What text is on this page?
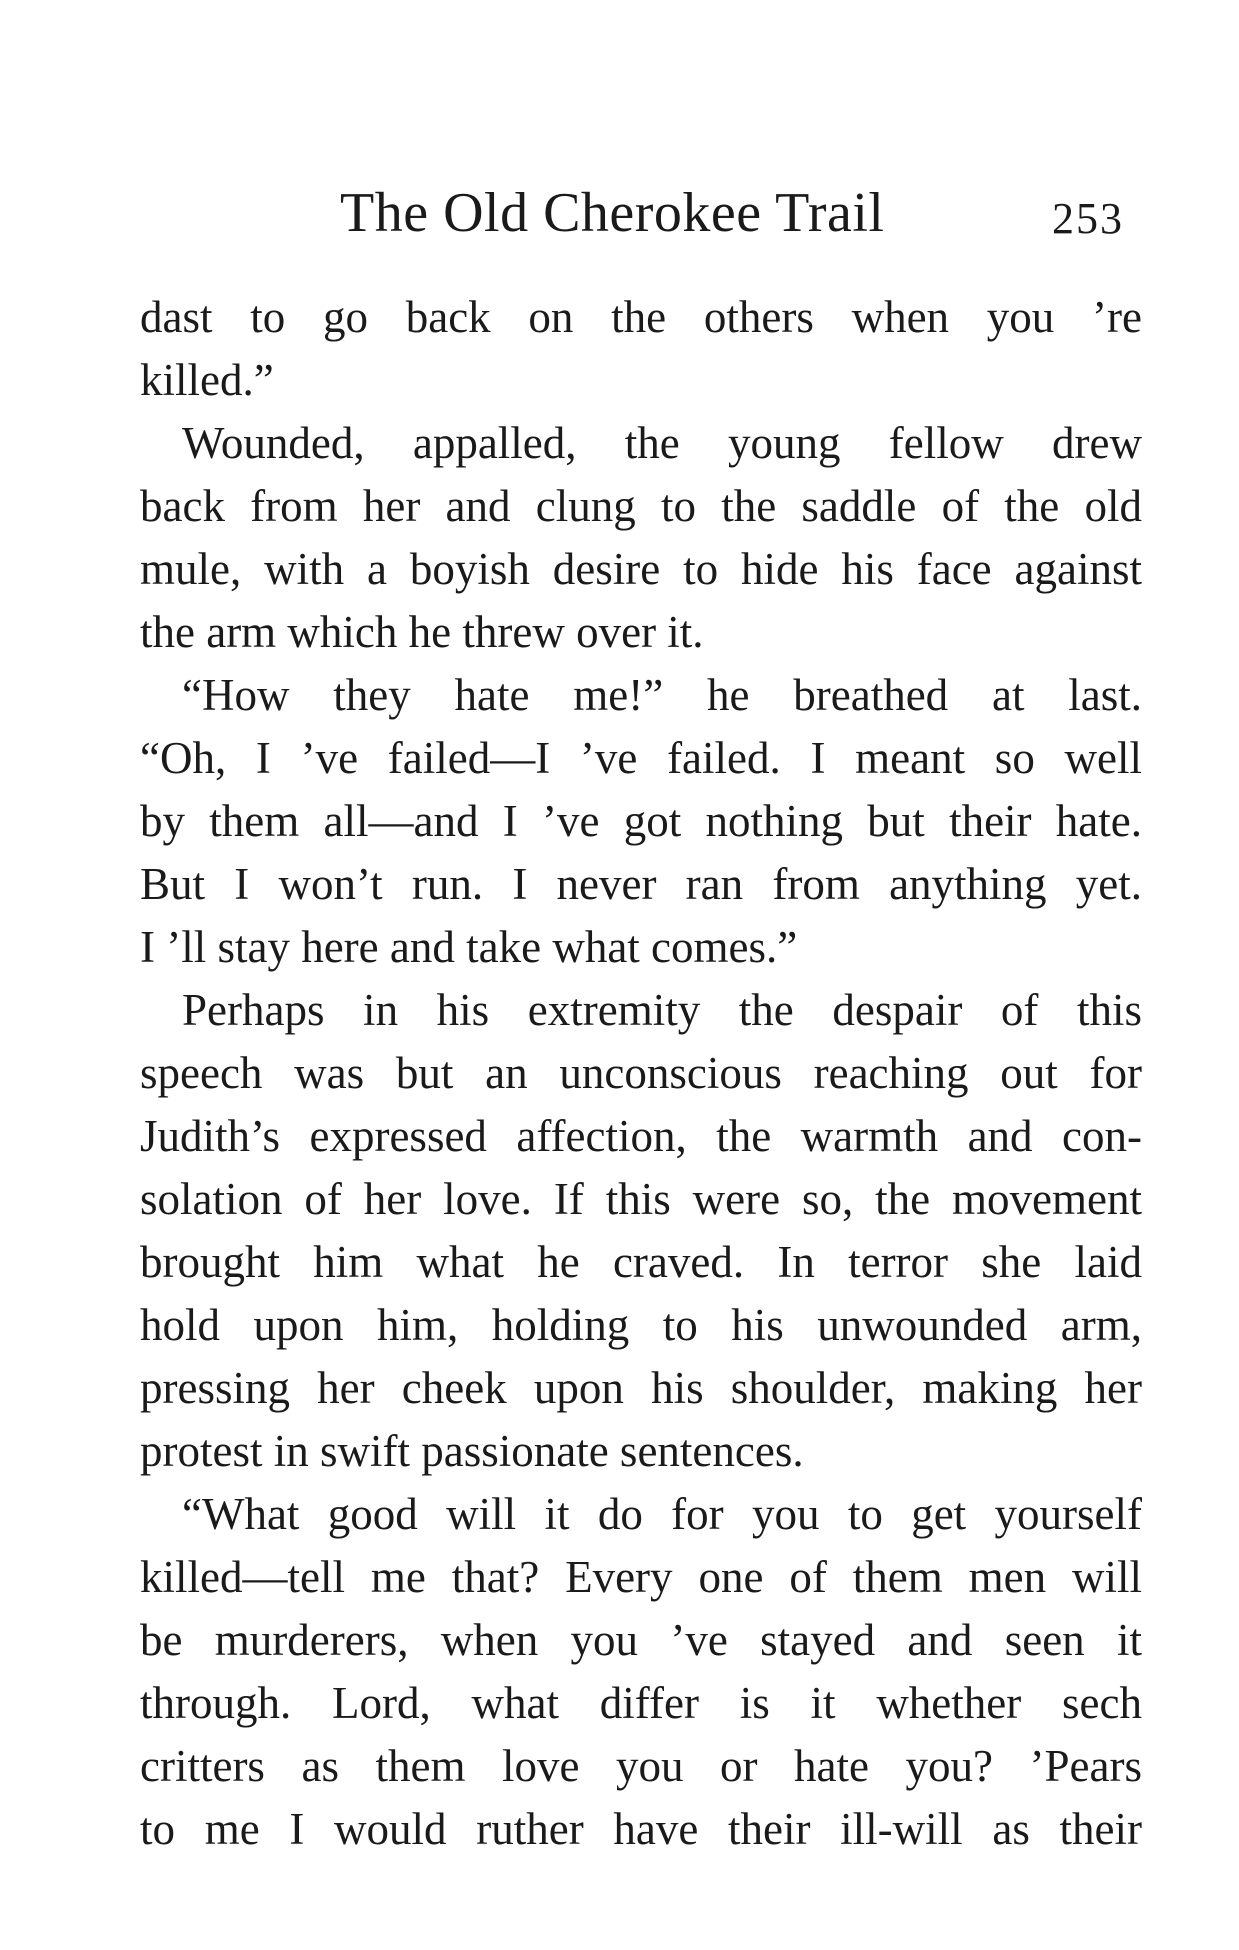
The Old Cherokee Trail	253
dast to go back on the others when you ’re
killed.”
Wounded, appalled, the young fellow drew
back from her and clung to the saddle of the old
mule, with a boyish desire to hide his face against
the arm which he threw over it.
“How they hate me!” he breathed at last.
“Oh, I ’ve failed—I ’ve failed. I meant so well
by them all—and I ’ve got nothing but their hate.
But I won’t run. I never ran from anything yet.
I ’ll stay here and take what comes.”
Perhaps in his extremity the despair of this
speech was but an unconscious reaching out for
Judith’s expressed affection, the warmth and con-
solation of her love. If this were so, the movement
brought him what he craved. In terror she laid
hold upon him, holding to his unwounded arm,
pressing her cheek upon his shoulder, making her
protest in swift passionate sentences.
“What good will it do for you to get yourself
killed—tell me that? Every one of them men will
be murderers, when you ’ve stayed and seen it
through. Lord, what differ is it whether sech
critters as them love you or hate you? ’Pears
to me I would ruther have their ill-will as their
